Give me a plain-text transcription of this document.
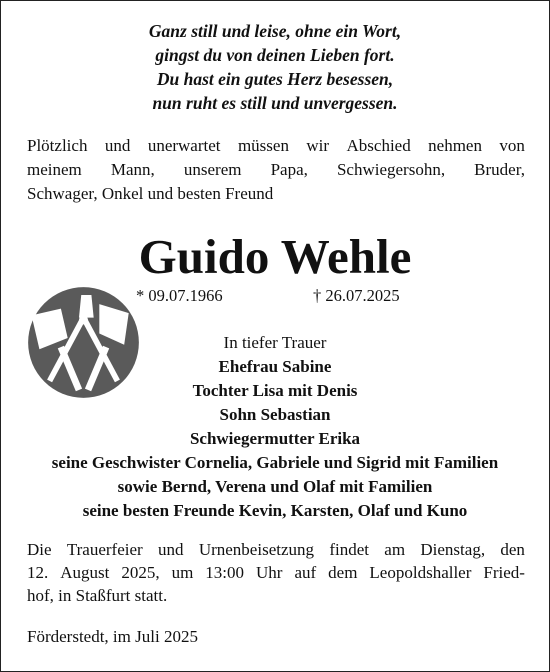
Ganz still und leise, ohne ein Wort,
gingst du von deinen Lieben fort.
Du hast ein gutes Herz besessen,
nun ruht es still und unvergessen.
Plötzlich und unerwartet müssen wir Abschied nehmen von
meinem Mann, unserem Papa, Schwiegersohn, Bruder,
Schwager, Onkel und besten Freund
Guido Wehle
* 09.07.1966	† 26.07.2025
In tiefer Trauer
Ehefrau Sabine
Tochter Lisa mit Denis
Sohn Sebastian
Schwiegermutter Erika
seine Geschwister Cornelia, Gabriele und Sigrid mit Familien
sowie Bernd, Verena und Olaf mit Familien
seine besten Freunde Kevin, Karsten, Olaf und Kuno
Die Trauerfeier und Urnenbeisetzung findet am Dienstag, den
12. August 2025, um 13:00 Uhr auf dem Leopoldshaller Fried-
hof, in Staßfurt statt.
Förderstedt, im Juli 2025
